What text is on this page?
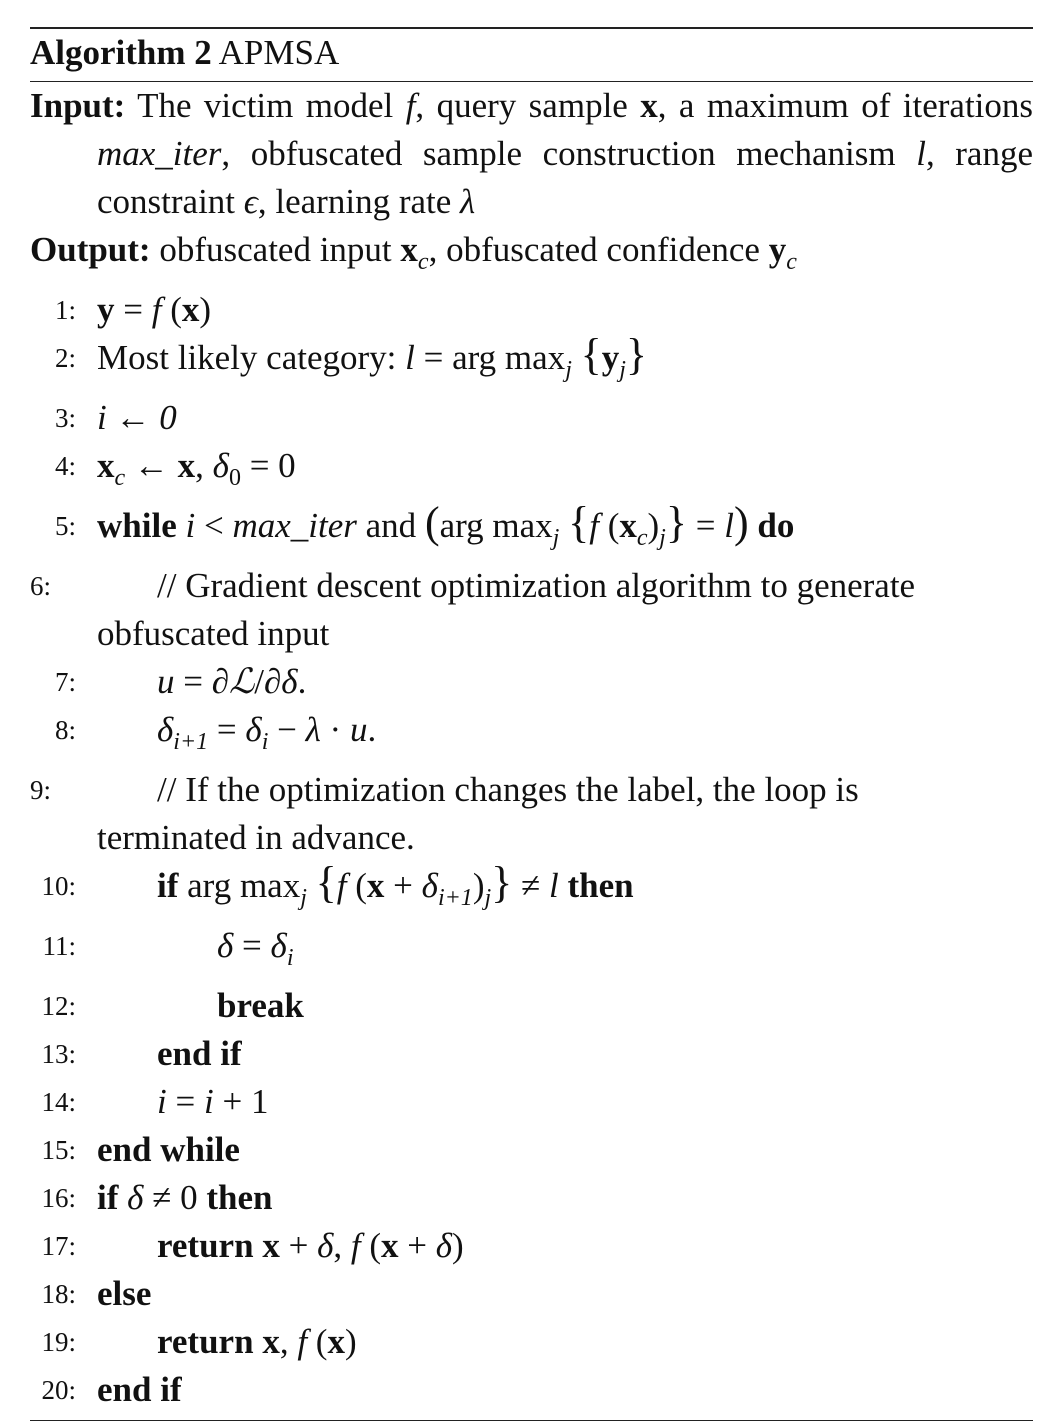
Algorithm 2 APMSA
Input: The victim model f, query sample x, a maximum of iterations max_iter, obfuscated sample construction mechanism l, range constraint ϵ, learning rate λ
Output: obfuscated input $x_c$, obfuscated confidence $y_c$
1: y = f (x)
2: Most likely category: l = arg $\max_j \{y_j\}$
3: i ← 0
4: $x_c$ ← x, $\delta_0 = 0$
5: while i < max_iter and (arg $\max_j \{f$ $(x_c)_j\} = l$) do
6:	// Gradient descent optimization algorithm to generate
obfuscated input
7: u = ∂ℒ/∂δ.
8: $\delta_{i+1} = \delta_i - \lambda \cdot u$.
9:	// If the optimization changes the label, the loop is
terminated in advance.
10: if arg $\max_j \{f$ $(x + \delta_{i+1})_j\} \ne l$ then
11:	$\delta = \delta_i$
12:	break
13: end if
14: i = i + 1
15: end while
16: if δ ≠ 0 then
17: return x + δ, f (x + δ)
18: else
19: return x, f (x)
20: end if
